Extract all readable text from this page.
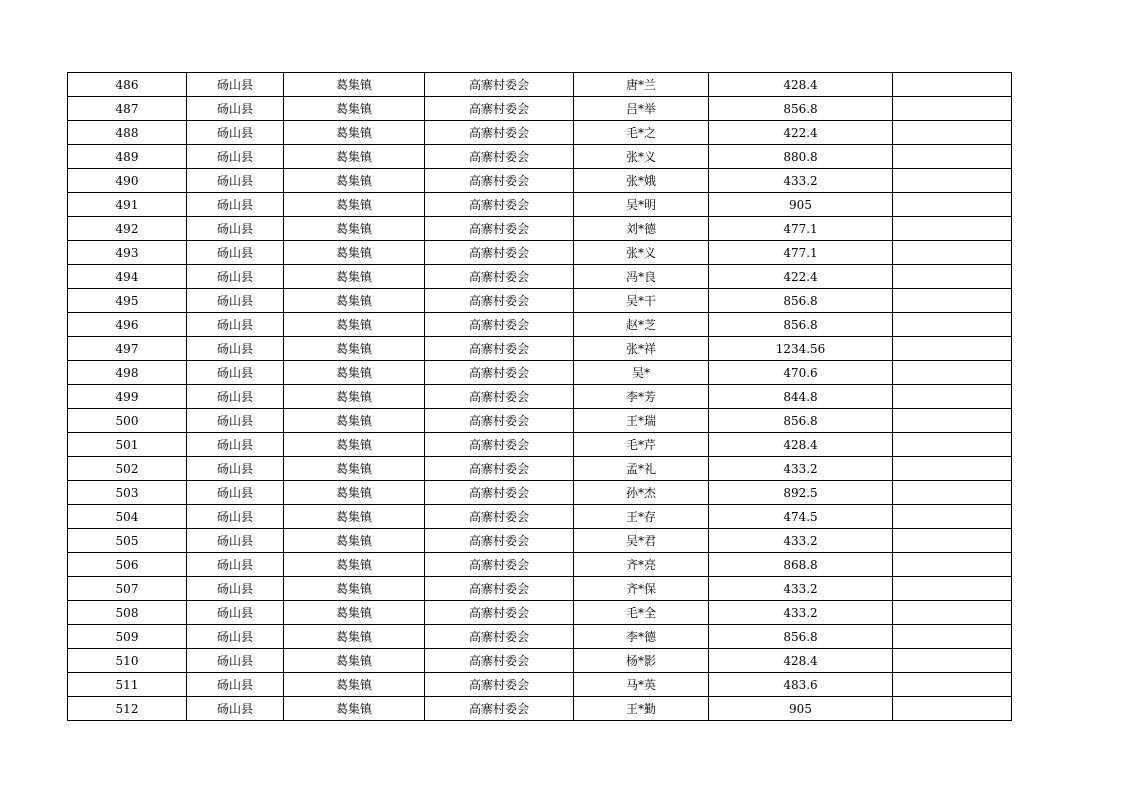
486	砀山县	葛集镇	高寨村委会	唐*兰	428.4	
487	砀山县	葛集镇	高寨村委会	吕*举	856.8	
488	砀山县	葛集镇	高寨村委会	毛*之	422.4	
489	砀山县	葛集镇	高寨村委会	张*义	880.8	
490	砀山县	葛集镇	高寨村委会	张*娥	433.2	
491	砀山县	葛集镇	高寨村委会	吴*明	905	
492	砀山县	葛集镇	高寨村委会	刘*德	477.1	
493	砀山县	葛集镇	高寨村委会	张*义	477.1	
494	砀山县	葛集镇	高寨村委会	冯*良	422.4	
495	砀山县	葛集镇	高寨村委会	吴*干	856.8	
496	砀山县	葛集镇	高寨村委会	赵*芝	856.8	
497	砀山县	葛集镇	高寨村委会	张*祥	1234.56	
498	砀山县	葛集镇	高寨村委会	吴*	470.6	
499	砀山县	葛集镇	高寨村委会	李*芳	844.8	
500	砀山县	葛集镇	高寨村委会	王*瑞	856.8	
501	砀山县	葛集镇	高寨村委会	毛*芹	428.4	
502	砀山县	葛集镇	高寨村委会	孟*礼	433.2	
503	砀山县	葛集镇	高寨村委会	孙*杰	892.5	
504	砀山县	葛集镇	高寨村委会	王*存	474.5	
505	砀山县	葛集镇	高寨村委会	吴*君	433.2	
506	砀山县	葛集镇	高寨村委会	齐*亮	868.8	
507	砀山县	葛集镇	高寨村委会	齐*保	433.2	
508	砀山县	葛集镇	高寨村委会	毛*全	433.2	
509	砀山县	葛集镇	高寨村委会	李*德	856.8	
510	砀山县	葛集镇	高寨村委会	杨*影	428.4	
511	砀山县	葛集镇	高寨村委会	马*英	483.6	
512	砀山县	葛集镇	高寨村委会	王*勤	905	
